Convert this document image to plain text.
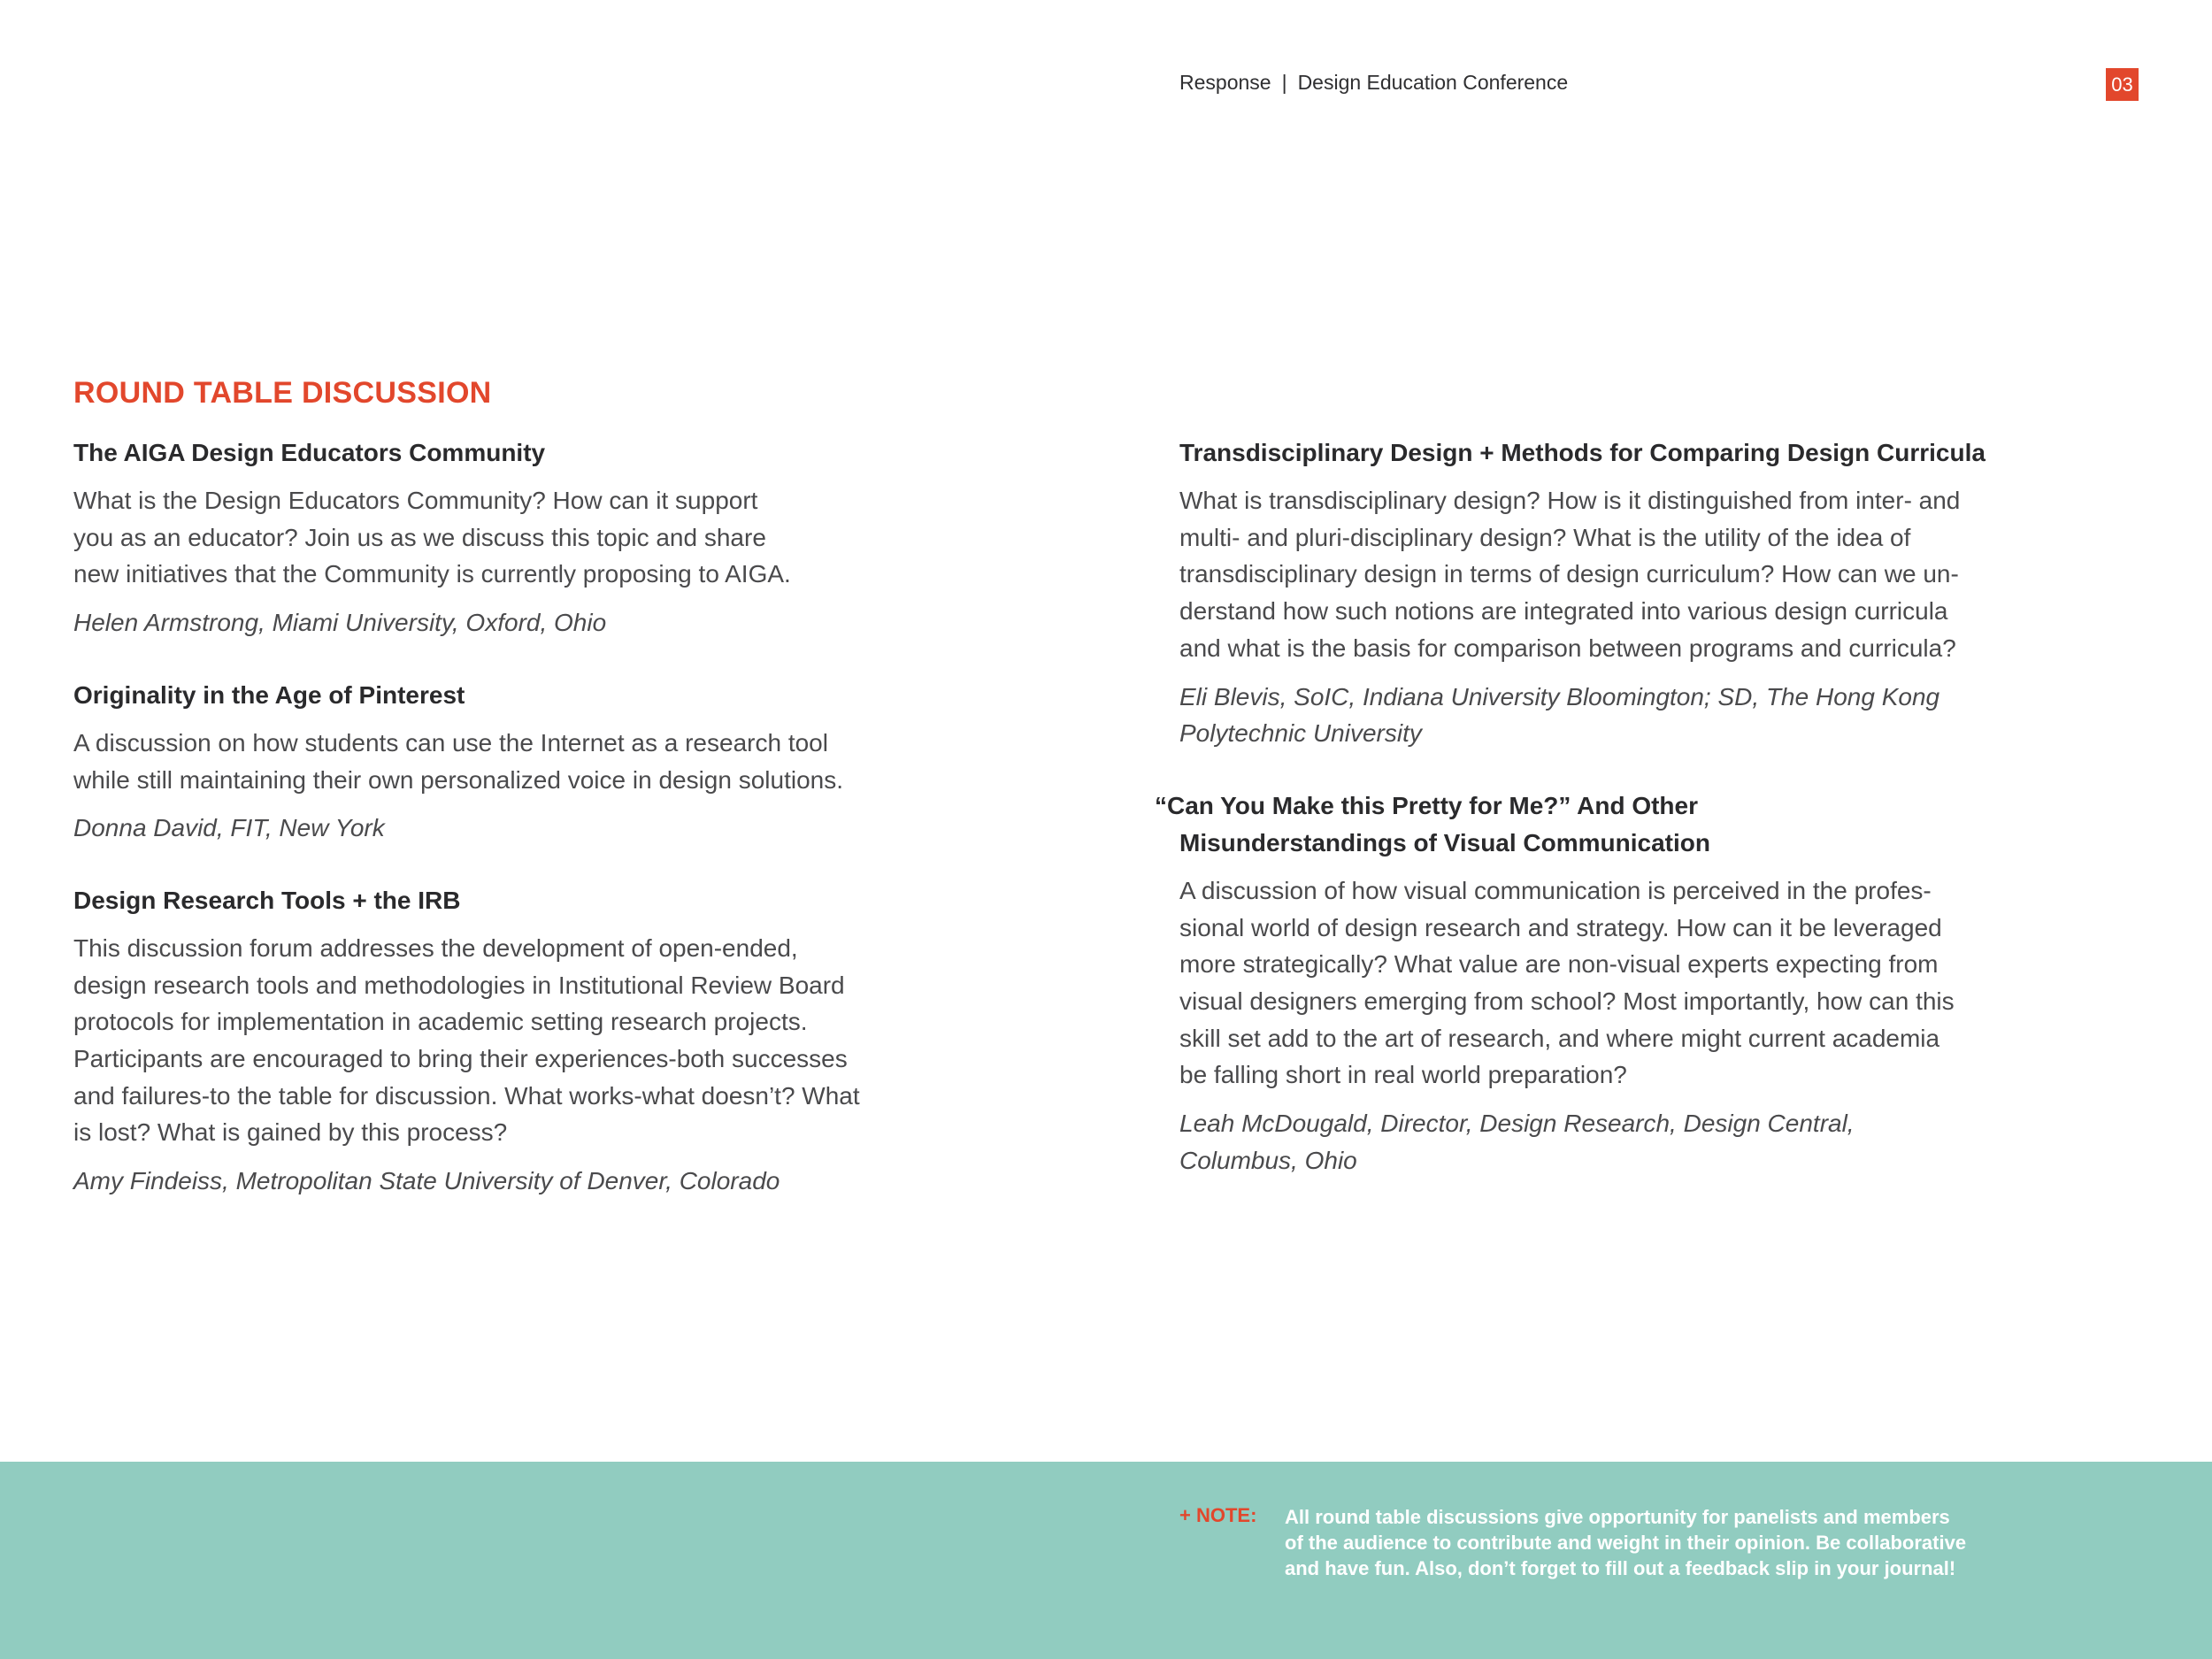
Response | Design Education Conference	03
ROUND TABLE DISCUSSION
The AIGA Design Educators Community

What is the Design Educators Community? How can it support
you as an educator? Join us as we discuss this topic and share
new initiatives that the Community is currently proposing to AIGA.

Helen Armstrong, Miami University, Oxford, Ohio
Originality in the Age of Pinterest

A discussion on how students can use the Internet as a research tool
while still maintaining their own personalized voice in design solutions.

Donna David, FIT, New York
Design Research Tools + the IRB

This discussion forum addresses the development of open-ended,
design research tools and methodologies in Institutional Review Board
protocols for implementation in academic setting research projects.
Participants are encouraged to bring their experiences-both successes
and failures-to the table for discussion. What works-what doesn’t? What
is lost? What is gained by this process?

Amy Findeiss, Metropolitan State University of Denver, Colorado
Transdisciplinary Design + Methods for Comparing Design Curricula

What is transdisciplinary design? How is it distinguished from inter- and
multi- and pluri-disciplinary design? What is the utility of the idea of
transdisciplinary design in terms of design curriculum? How can we un-
derstand how such notions are integrated into various design curricula
and what is the basis for comparison between programs and curricula?

Eli Blevis, SoIC, Indiana University Bloomington; SD, The Hong Kong
Polytechnic University
“Can You Make this Pretty for Me?” And Other
Misunderstandings of Visual Communication

A discussion of how visual communication is perceived in the profes-
sional world of design research and strategy. How can it be leveraged
more strategically? What value are non-visual experts expecting from
visual designers emerging from school? Most importantly, how can this
skill set add to the art of research, and where might current academia
be falling short in real world preparation?

Leah McDougald, Director, Design Research, Design Central,
Columbus, Ohio
+ NOTE: All round table discussions give opportunity for panelists and members
of the audience to contribute and weight in their opinion. Be collaborative
and have fun. Also, don’t forget to fill out a feedback slip in your journal!
